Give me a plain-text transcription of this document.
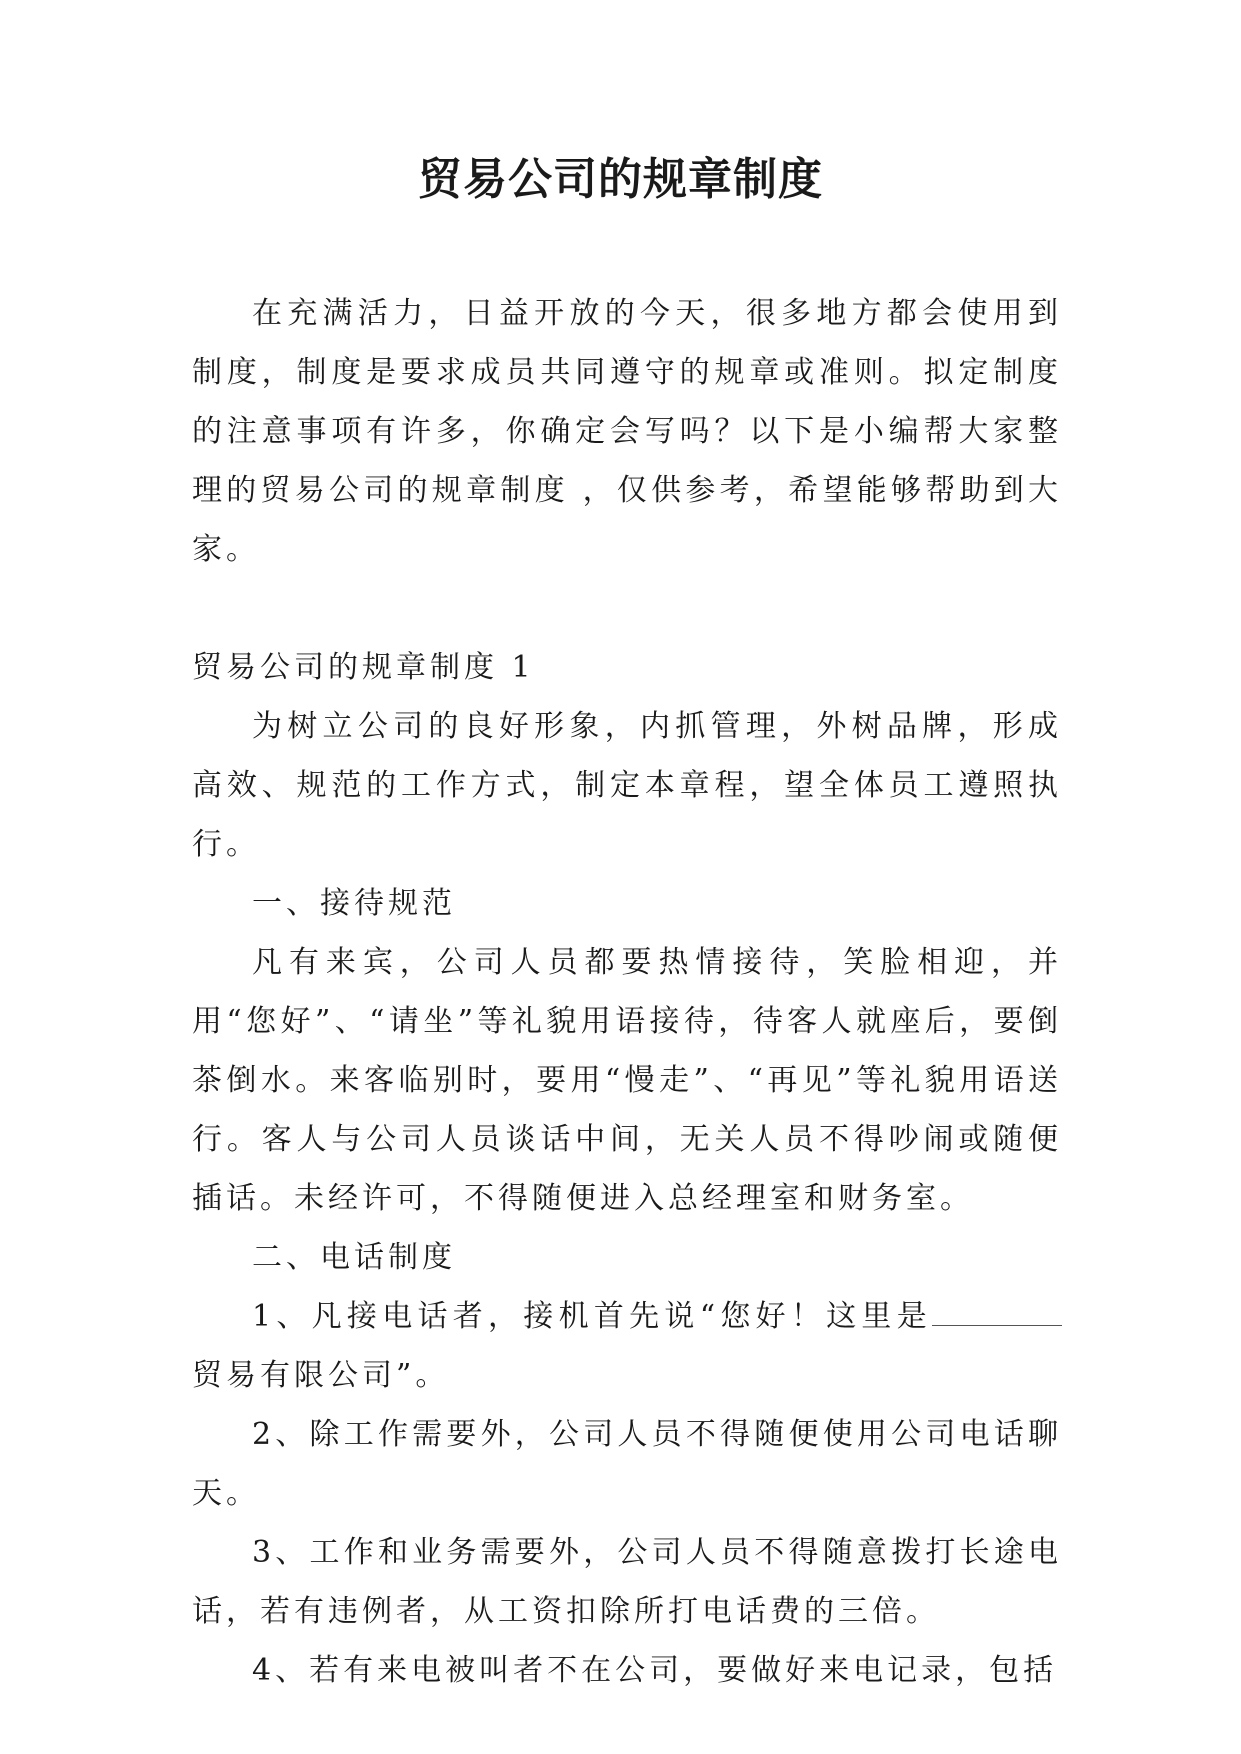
贸易公司的规章制度

在充满活力，日益开放的今天，很多地方都会使用到制度，制度是要求成员共同遵守的规章或准则。拟定制度的注意事项有许多，你确定会写吗？以下是小编帮大家整理的贸易公司的规章制度 ，仅供参考，希望能够帮助到大家。

贸易公司的规章制度 1

为树立公司的良好形象，内抓管理，外树品牌，形成高效、规范的工作方式，制定本章程，望全体员工遵照执行。

一、接待规范

凡有来宾，公司人员都要热情接待，笑脸相迎，并用“您好”、“请坐”等礼貌用语接待，待客人就座后，要倒茶倒水。来客临别时，要用“慢走”、“再见”等礼貌用语送行。客人与公司人员谈话中间，无关人员不得吵闹或随便插话。未经许可，不得随便进入总经理室和财务室。

二、电话制度

1、凡接电话者，接机首先说“您好！这里是贸易有限公司”。

2、除工作需要外，公司人员不得随便使用公司电话聊天。

3、工作和业务需要外，公司人员不得随意拨打长途电话，若有违例者，从工资扣除所打电话费的三倍。

4、若有来电被叫者不在公司，要做好来电记录，包括
